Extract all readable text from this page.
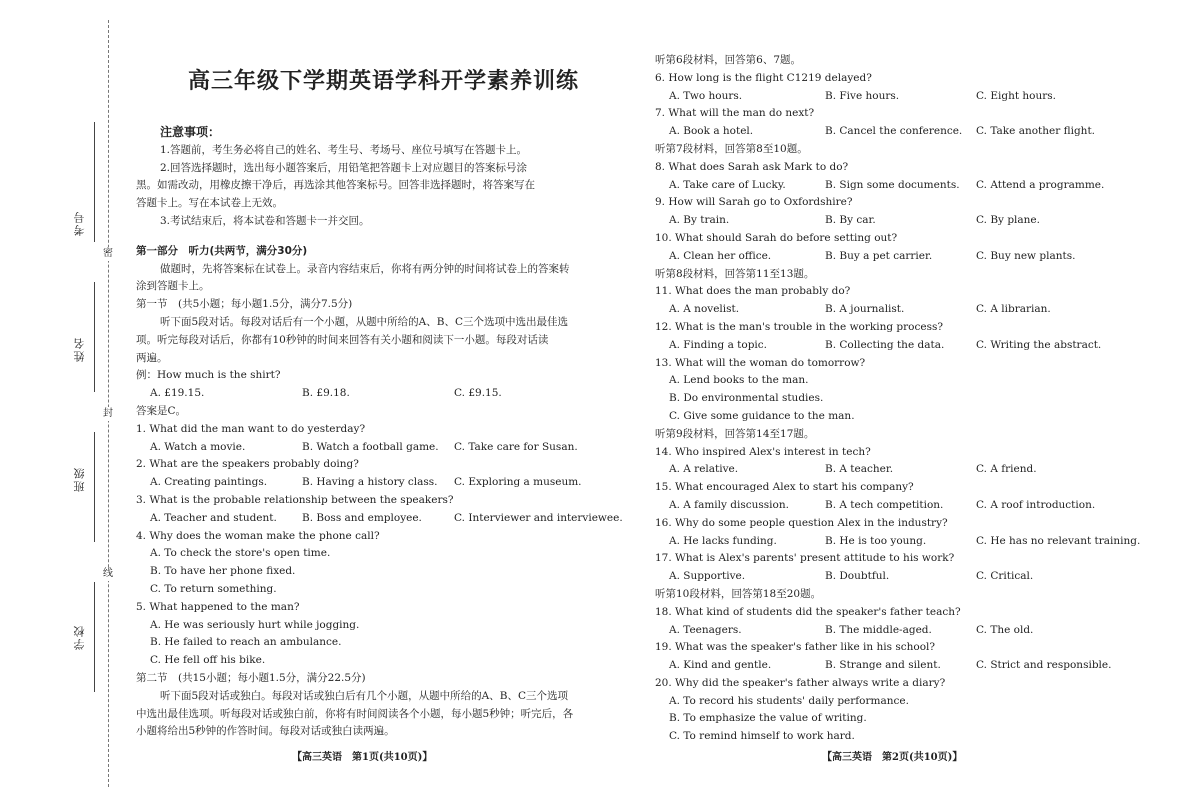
考号
姓名
班级
学校
密
封
线
高三年级下学期英语学科开学素养训练

注意事项：

1.答题前，考生务必将自己的姓名、考生号、考场号、座位号填写在答题卡上。

2.回答选择题时，选出每小题答案后，用铅笔把答题卡上对应题目的答案标号涂

黑。如需改动，用橡皮擦干净后，再选涂其他答案标号。回答非选择题时，将答案写在

答题卡上。写在本试卷上无效。

3.考试结束后，将本试卷和答题卡一并交回。

第一部分　听力(共两节，满分30分)

做题时，先将答案标在试卷上。录音内容结束后，你将有两分钟的时间将试卷上的答案转

涂到答题卡上。

第一节　(共5小题；每小题1.5分，满分7.5分)

听下面5段对话。每段对话后有一个小题，从题中所给的A、B、C三个选项中选出最佳选

项。听完每段对话后，你都有10秒钟的时间来回答有关小题和阅读下一小题。每段对话读

两遍。

例：How much is the shirt?

A. £19.15.	B. £9.18.	C. £9.15.

答案是C。

1. What did the man want to do yesterday?

A. Watch a movie.	B. Watch a football game. C. Take care for Susan.

2. What are the speakers probably doing?

A. Creating paintings.	B. Having a history class. C. Exploring a museum.

3. What is the probable relationship between the speakers?

A. Teacher and student. B. Boss and employee.	C. Interviewer and interviewee.

4. Why does the woman make the phone call?

A. To check the store's open time.

B. To have her phone fixed.

C. To return something.

5. What happened to the man?

A. He was seriously hurt while jogging.

B. He failed to reach an ambulance.

C. He fell off his bike.

第二节　(共15小题；每小题1.5分，满分22.5分)

听下面5段对话或独白。每段对话或独白后有几个小题，从题中所给的A、B、C三个选项

中选出最佳选项。听每段对话或独白前，你将有时间阅读各个小题，每小题5秒钟；听完后，各

小题将给出5秒钟的作答时间。每段对话或独白读两遍。

【高三英语　第1页(共10页)】

听第6段材料，回答第6、7题。

6. How long is the flight C1219 delayed?

A. Two hours.	B. Five hours.	C. Eight hours.

7. What will the man do next?

A. Book a hotel.	B. Cancel the conference. C. Take another flight.

听第7段材料，回答第8至10题。

8. What does Sarah ask Mark to do?

A. Take care of Lucky.	B. Sign some documents. C. Attend a programme.

9. How will Sarah go to Oxfordshire?

A. By train.	B. By car.	C. By plane.

10. What should Sarah do before setting out?

A. Clean her office.	B. Buy a pet carrier.	C. Buy new plants.

听第8段材料，回答第11至13题。

11. What does the man probably do?

A. A novelist.	B. A journalist.	C. A librarian.

12. What is the man's trouble in the working process?

A. Finding a topic.	B. Collecting the data.	C. Writing the abstract.

13. What will the woman do tomorrow?

A. Lend books to the man.

B. Do environmental studies.

C. Give some guidance to the man.

听第9段材料，回答第14至17题。

14. Who inspired Alex's interest in tech?

A. A relative.	B. A teacher.	C. A friend.

15. What encouraged Alex to start his company?

A. A family discussion.	B. A tech competition.	C. A roof introduction.

16. Why do some people question Alex in the industry?

A. He lacks funding.	B. He is too young.	C. He has no relevant training.

17. What is Alex's parents' present attitude to his work?

A. Supportive.	B. Doubtful.	C. Critical.

听第10段材料，回答第18至20题。

18. What kind of students did the speaker's father teach?

A. Teenagers.	B. The middle-aged.	C. The old.

19. What was the speaker's father like in his school?

A. Kind and gentle.	B. Strange and silent.	C. Strict and responsible.

20. Why did the speaker's father always write a diary?

A. To record his students' daily performance.

B. To emphasize the value of writing.

C. To remind himself to work hard.

【高三英语　第2页(共10页)】
